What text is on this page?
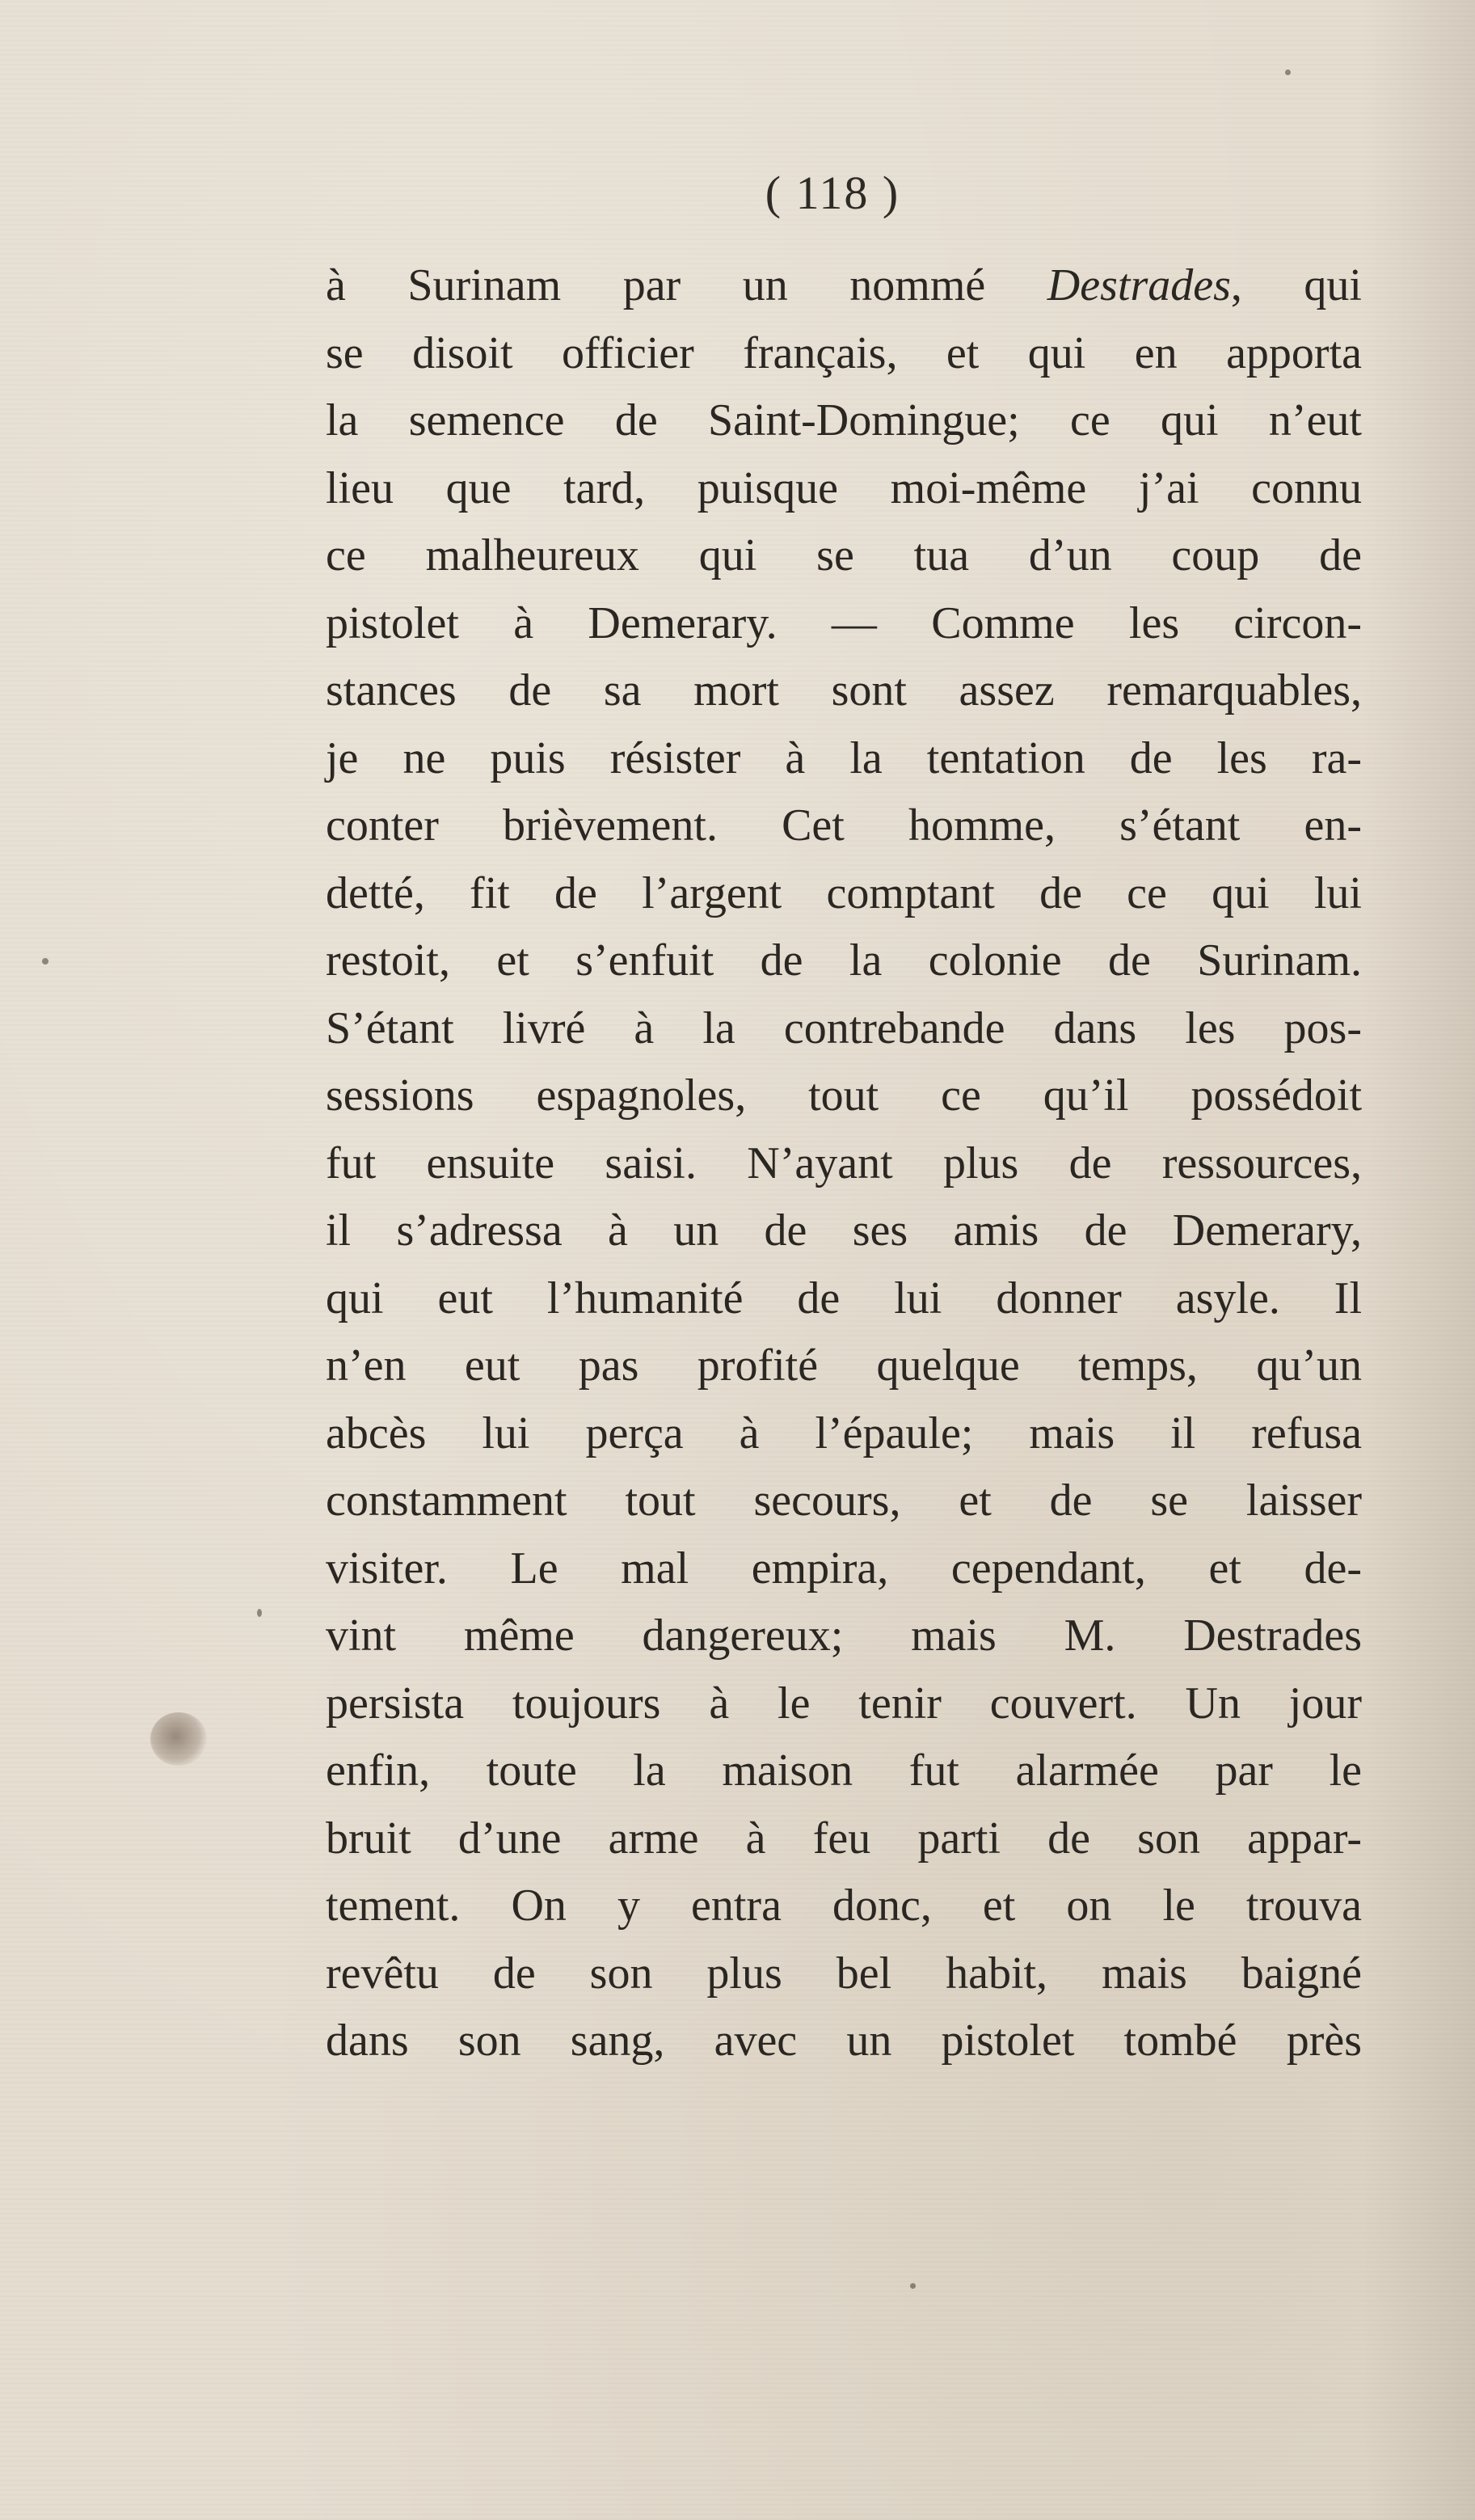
( 118 )
à Surinam par un nommé Destrades, qui
se disoit officier français, et qui en apporta
la semence de Saint-Domingue; ce qui n’eut
lieu que tard, puisque moi-même j’ai connu
ce malheureux qui se tua d’un coup de
pistolet à Demerary. — Comme les circon-
stances de sa mort sont assez remarquables,
je ne puis résister à la tentation de les ra-
conter brièvement. Cet homme, s’étant en-
detté, fit de l’argent comptant de ce qui lui
restoit, et s’enfuit de la colonie de Surinam.
S’étant livré à la contrebande dans les pos-
sessions espagnoles, tout ce qu’il possédoit
fut ensuite saisi. N’ayant plus de ressources,
il s’adressa à un de ses amis de Demerary,
qui eut l’humanité de lui donner asyle. Il
n’en eut pas profité quelque temps, qu’un
abcès lui perça à l’épaule; mais il refusa
constamment tout secours, et de se laisser
visiter. Le mal empira, cependant, et de-
vint même dangereux; mais M. Destrades
persista toujours à le tenir couvert. Un jour
enfin, toute la maison fut alarmée par le
bruit d’une arme à feu parti de son appar-
tement. On y entra donc, et on le trouva
revêtu de son plus bel habit, mais baigné
dans son sang, avec un pistolet tombé près
